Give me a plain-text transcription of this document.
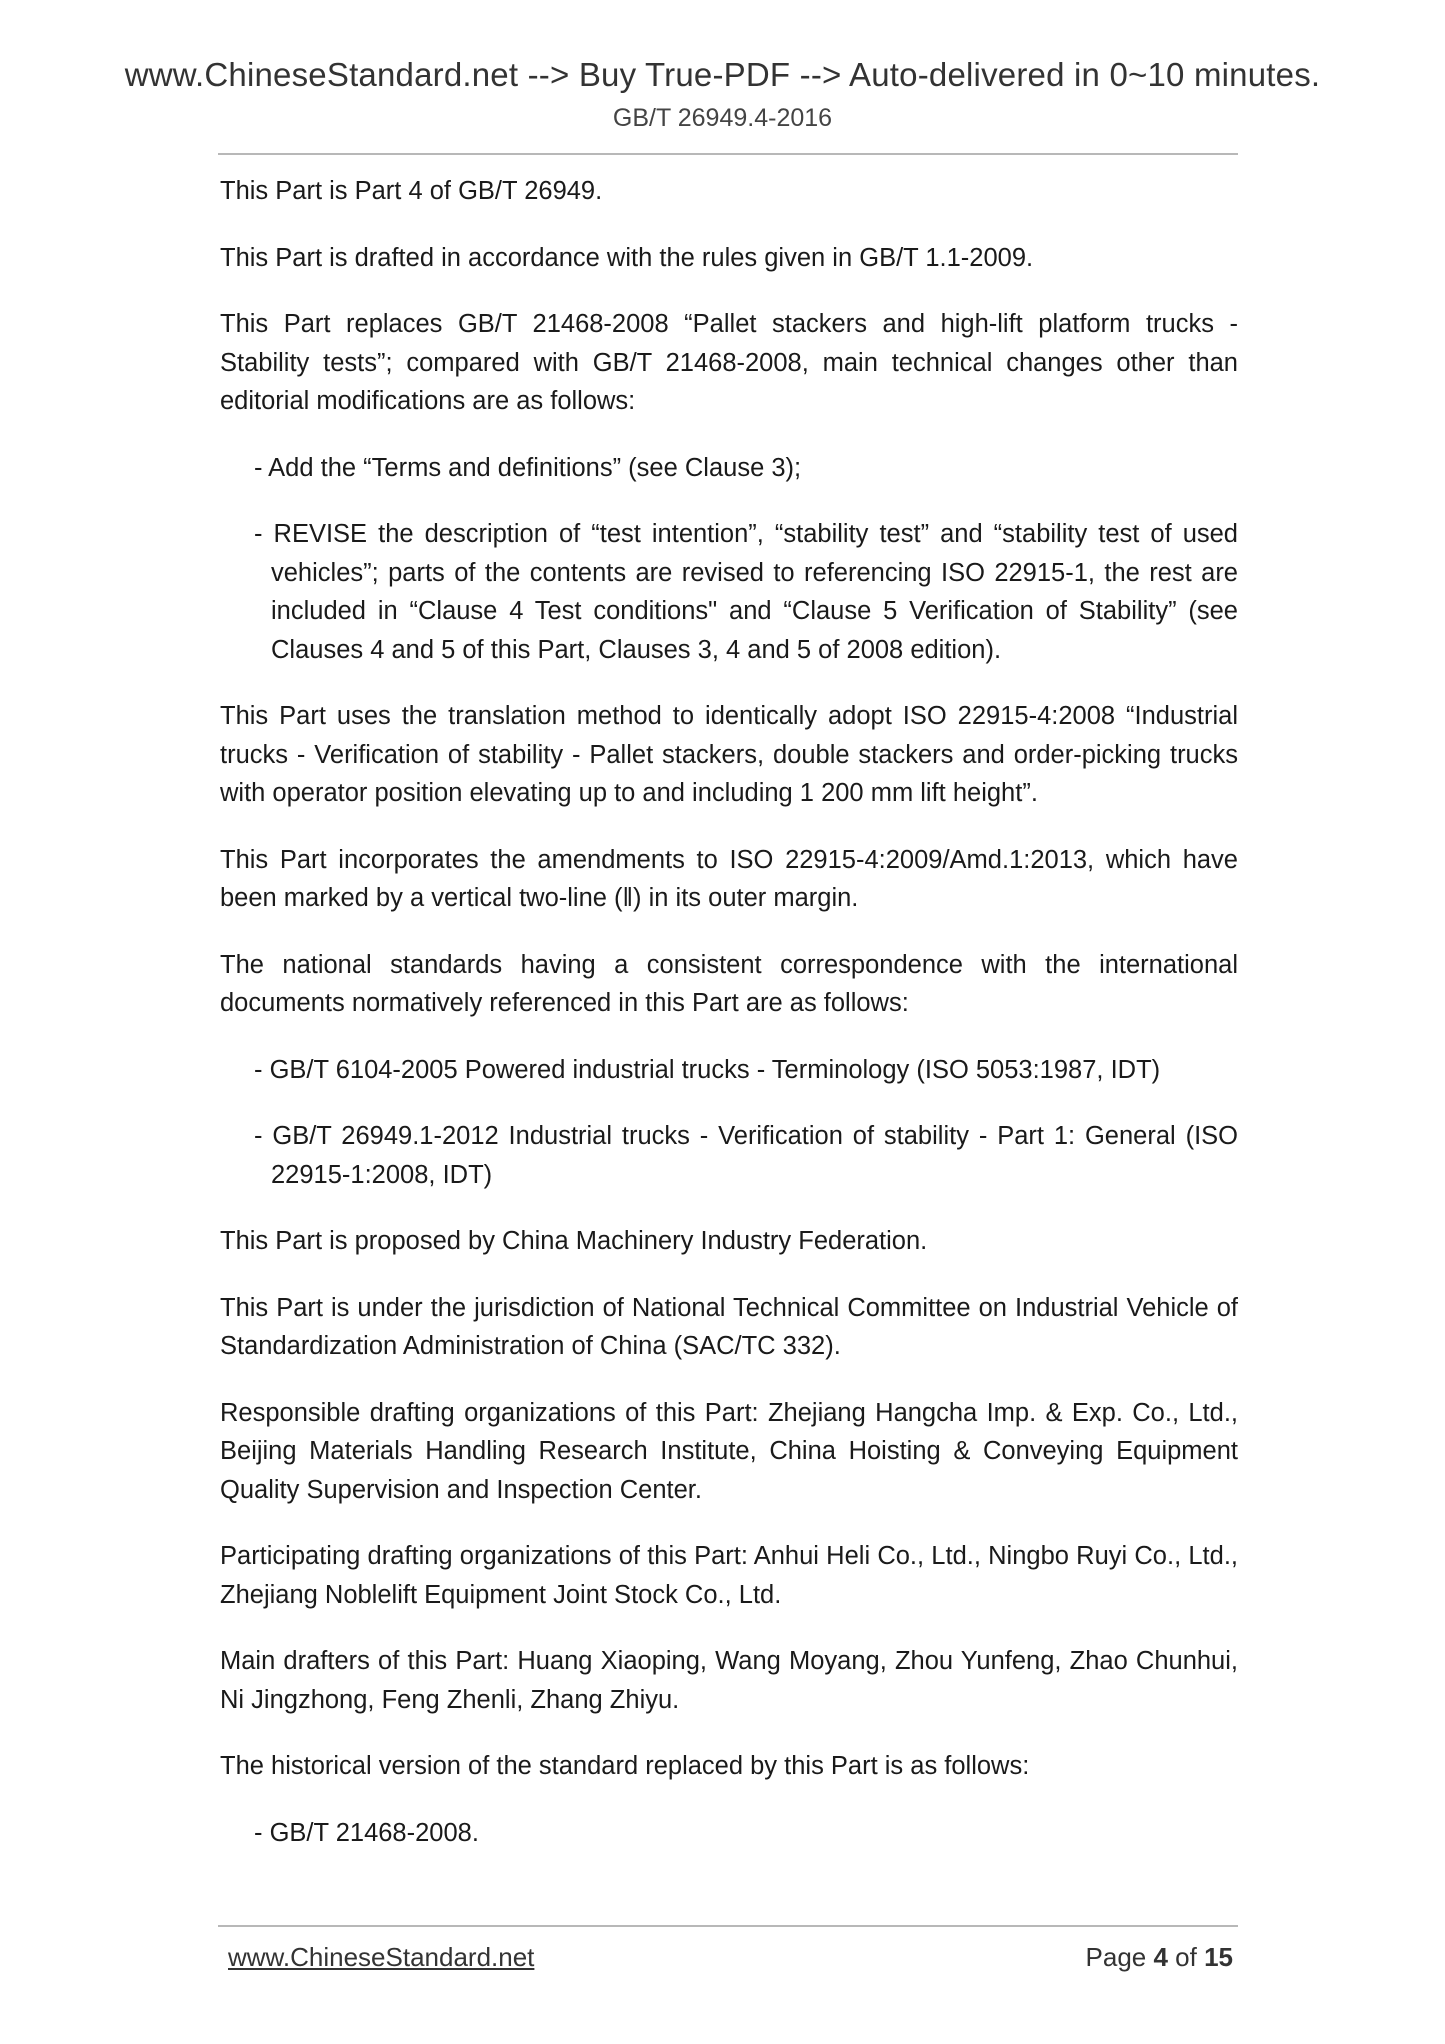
www.ChineseStandard.net --> Buy True-PDF --> Auto-delivered in 0~10 minutes.
GB/T 26949.4-2016

This Part is Part 4 of GB/T 26949.

This Part is drafted in accordance with the rules given in GB/T 1.1-2009.

This Part replaces GB/T 21468-2008 “Pallet stackers and high-lift platform trucks - Stability tests”; compared with GB/T 21468-2008, main technical changes other than editorial modifications are as follows:

- Add the “Terms and definitions” (see Clause 3);

- REVISE the description of “test intention”, “stability test” and “stability test of used vehicles”; parts of the contents are revised to referencing ISO 22915-1, the rest are included in “Clause 4 Test conditions" and “Clause 5 Verification of Stability” (see Clauses 4 and 5 of this Part, Clauses 3, 4 and 5 of 2008 edition).

This Part uses the translation method to identically adopt ISO 22915-4:2008 “Industrial trucks - Verification of stability - Pallet stackers, double stackers and order-picking trucks with operator position elevating up to and including 1 200 mm lift height”.

This Part incorporates the amendments to ISO 22915-4:2009/Amd.1:2013, which have been marked by a vertical two-line (‖) in its outer margin.

The national standards having a consistent correspondence with the international documents normatively referenced in this Part are as follows:

- GB/T 6104-2005 Powered industrial trucks - Terminology (ISO 5053:1987, IDT)

- GB/T 26949.1-2012 Industrial trucks - Verification of stability - Part 1: General (ISO 22915-1:2008, IDT)

This Part is proposed by China Machinery Industry Federation.

This Part is under the jurisdiction of National Technical Committee on Industrial Vehicle of Standardization Administration of China (SAC/TC 332).

Responsible drafting organizations of this Part: Zhejiang Hangcha Imp. & Exp. Co., Ltd., Beijing Materials Handling Research Institute, China Hoisting & Conveying Equipment Quality Supervision and Inspection Center.

Participating drafting organizations of this Part: Anhui Heli Co., Ltd., Ningbo Ruyi Co., Ltd., Zhejiang Noblelift Equipment Joint Stock Co., Ltd.

Main drafters of this Part: Huang Xiaoping, Wang Moyang, Zhou Yunfeng, Zhao Chunhui, Ni Jingzhong, Feng Zhenli, Zhang Zhiyu.

The historical version of the standard replaced by this Part is as follows:

- GB/T 21468-2008.

www.ChineseStandard.net	Page 4 of 15
